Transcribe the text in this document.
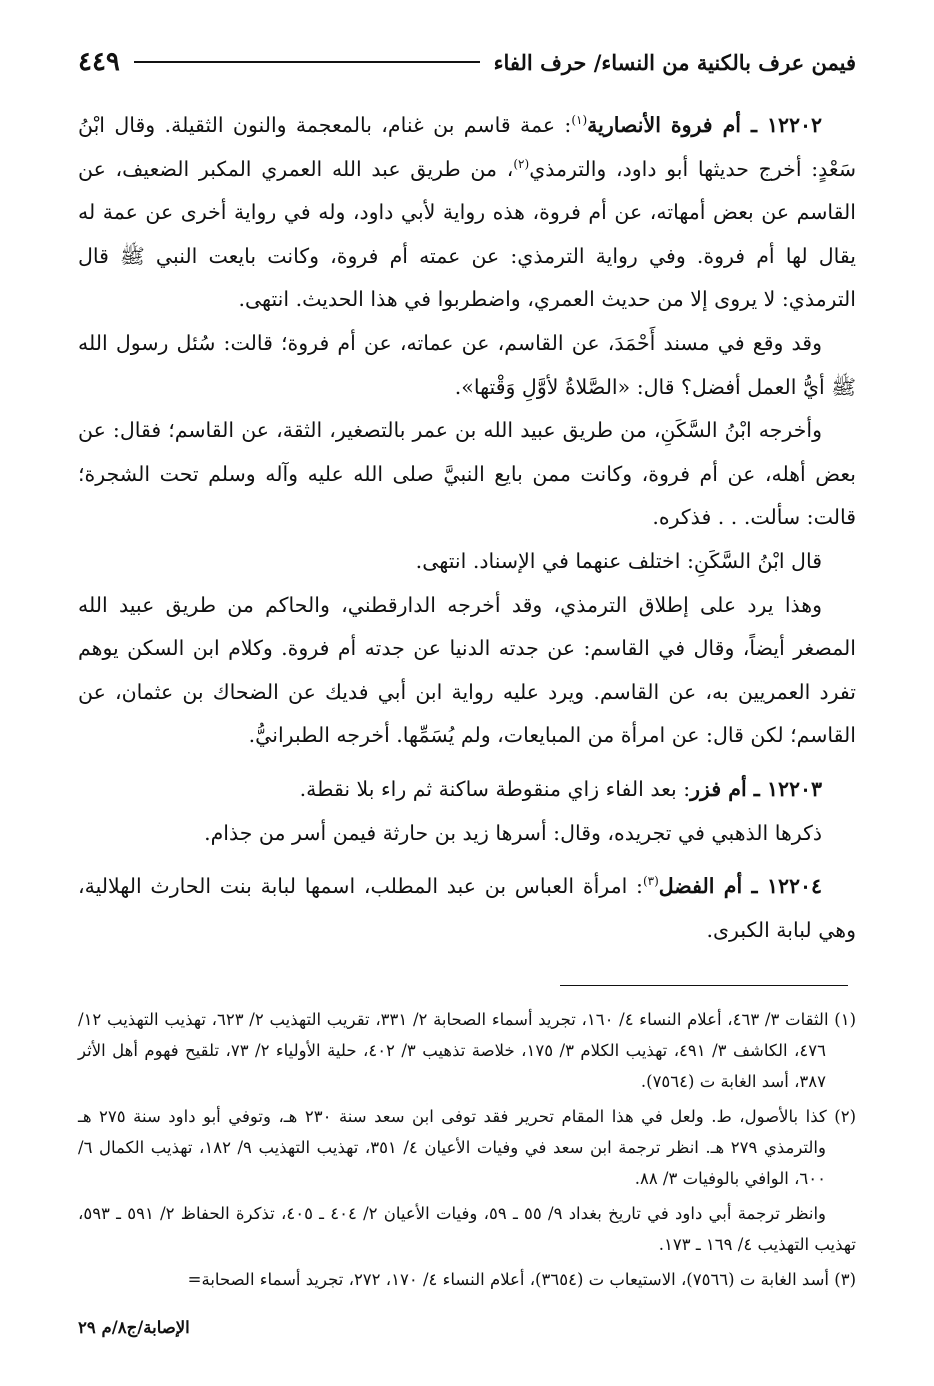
فيمن عرف بالكنية من النساء/ حرف الفاء
٤٤٩

١٢٢٠٢ ـ أم فروة الأنصارية$^{(١)}$: عمة قاسم بن غنام، بالمعجمة والنون الثقيلة. وقال ابْنُ سَعْدٍ: أخرج حديثها أبو داود، والترمذي$^{(٢)}$، من طريق عبد الله العمري المكبر الضعيف، عن القاسم عن بعض أمهاته، عن أم فروة، هذه رواية لأبي داود، وله في رواية أخرى عن عمة له يقال لها أم فروة. وفي رواية الترمذي: عن عمته أم فروة، وكانت بايعت النبي ﷺ قال الترمذي: لا يروى إلا من حديث العمري، واضطربوا في هذا الحديث. انتهى.

وقد وقع في مسند أَحْمَدَ، عن القاسم، عن عماته، عن أم فروة؛ قالت: سُئل رسول الله ﷺ أيُّ العمل أفضل؟ قال: «الصَّلاةُ لأوَّلِ وَقْتها».

وأخرجه ابْنُ السَّكَنِ، من طريق عبيد الله بن عمر بالتصغير، الثقة، عن القاسم؛ فقال: عن بعض أهله، عن أم فروة، وكانت ممن بايع النبيَّ صلى الله عليه وآله وسلم تحت الشجرة؛ قالت: سألت. . . فذكره.

قال ابْنُ السَّكَنِ: اختلف عنهما في الإسناد. انتهى.

وهذا يرد على إطلاق الترمذي، وقد أخرجه الدارقطني، والحاكم من طريق عبيد الله المصغر أيضاً، وقال في القاسم: عن جدته الدنيا عن جدته أم فروة. وكلام ابن السكن يوهم تفرد العمريين به، عن القاسم. ويرد عليه رواية ابن أبي فديك عن الضحاك بن عثمان، عن القاسم؛ لكن قال: عن امرأة من المبايعات، ولم يُسَمِّها. أخرجه الطبرانيُّ.

١٢٢٠٣ ـ أم فزر: بعد الفاء زاي منقوطة ساكنة ثم راء بلا نقطة.

ذكرها الذهبي في تجريده، وقال: أسرها زيد بن حارثة فيمن أسر من جذام.

١٢٢٠٤ ـ أم الفضل$^{(٣)}$: امرأة العباس بن عبد المطلب، اسمها لبابة بنت الحارث الهلالية، وهي لبابة الكبرى.

(١) الثقات ٣/ ٤٦٣، أعلام النساء ٤/ ١٦٠، تجريد أسماء الصحابة ٢/ ٣٣١، تقريب التهذيب ٢/ ٦٢٣، تهذيب التهذيب ١٢/ ٤٧٦، الكاشف ٣/ ٤٩١، تهذيب الكلام ٣/ ١٧٥، خلاصة تذهيب ٣/ ٤٠٢، حلية الأولياء ٢/ ٧٣، تلقيح فهوم أهل الأثر ٣٨٧، أسد الغابة ت (٧٥٦٤).

(٢) كذا بالأصول، ط. ولعل في هذا المقام تحرير فقد توفى ابن سعد سنة ٢٣٠ هـ، وتوفي أبو داود سنة ٢٧٥ هـ والترمذي ٢٧٩ هـ. انظر ترجمة ابن سعد في وفيات الأعيان ٤/ ٣٥١، تهذيب التهذيب ٩/ ١٨٢، تهذيب الكمال ٦/ ٦٠٠، الوافي بالوفيات ٣/ ٨٨.

وانظر ترجمة أبي داود في تاريخ بغداد ٩/ ٥٥ ـ ٥٩، وفيات الأعيان ٢/ ٤٠٤ ـ ٤٠٥، تذكرة الحفاظ ٢/ ٥٩١ ـ ٥٩٣، تهذيب التهذيب ٤/ ١٦٩ ـ ١٧٣.

(٣) أسد الغابة ت (٧٥٦٦)، الاستيعاب ت (٣٦٥٤)، أعلام النساء ٤/ ١٧٠، ٢٧٢، تجريد أسماء الصحابة=

الإصابة/ج٨/م ٢٩
